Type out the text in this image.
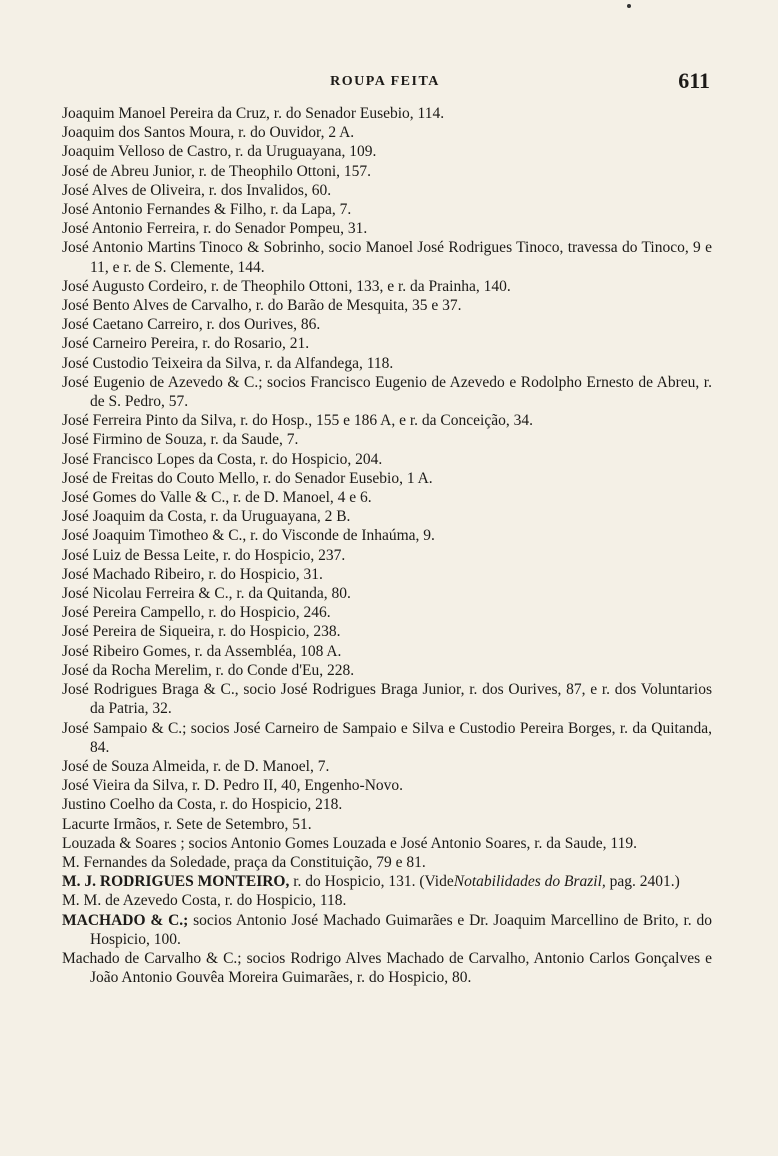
ROUPA FEITA	611
Joaquim Manoel Pereira da Cruz, r. do Senador Eusebio, 114.
Joaquim dos Santos Moura, r. do Ouvidor, 2 A.
Joaquim Velloso de Castro, r. da Uruguayana, 109.
José de Abreu Junior, r. de Theophilo Ottoni, 157.
José Alves de Oliveira, r. dos Invalidos, 60.
José Antonio Fernandes & Filho, r. da Lapa, 7.
José Antonio Ferreira, r. do Senador Pompeu, 31.
José Antonio Martins Tinoco & Sobrinho, socio Manoel José Rodrigues Tinoco, travessa do Tinoco, 9 e 11, e r. de S. Clemente, 144.
José Augusto Cordeiro, r. de Theophilo Ottoni, 133, e r. da Prainha, 140.
José Bento Alves de Carvalho, r. do Barão de Mesquita, 35 e 37.
José Caetano Carreiro, r. dos Ourives, 86.
José Carneiro Pereira, r. do Rosario, 21.
José Custodio Teixeira da Silva, r. da Alfandega, 118.
José Eugenio de Azevedo & C.; socios Francisco Eugenio de Azevedo e Rodolpho Ernesto de Abreu, r. de S. Pedro, 57.
José Ferreira Pinto da Silva, r. do Hosp., 155 e 186 A, e r. da Conceição, 34.
José Firmino de Souza, r. da Saude, 7.
José Francisco Lopes da Costa, r. do Hospicio, 204.
José de Freitas do Couto Mello, r. do Senador Eusebio, 1 A.
José Gomes do Valle & C., r. de D. Manoel, 4 e 6.
José Joaquim da Costa, r. da Uruguayana, 2 B.
José Joaquim Timotheo & C., r. do Visconde de Inhaúma, 9.
José Luiz de Bessa Leite, r. do Hospicio, 237.
José Machado Ribeiro, r. do Hospicio, 31.
José Nicolau Ferreira & C., r. da Quitanda, 80.
José Pereira Campello, r. do Hospicio, 246.
José Pereira de Siqueira, r. do Hospicio, 238.
José Ribeiro Gomes, r. da Assembléa, 108 A.
José da Rocha Merelim, r. do Conde d'Eu, 228.
José Rodrigues Braga & C., socio José Rodrigues Braga Junior, r. dos Ourives, 87, e r. dos Voluntarios da Patria, 32.
José Sampaio & C.; socios José Carneiro de Sampaio e Silva e Custodio Pereira Borges, r. da Quitanda, 84.
José de Souza Almeida, r. de D. Manoel, 7.
José Vieira da Silva, r. D. Pedro II, 40, Engenho-Novo.
Justino Coelho da Costa, r. do Hospicio, 218.
Lacurte Irmãos, r. Sete de Setembro, 51.
Louzada & Soares ; socios Antonio Gomes Louzada e José Antonio Soares, r. da Saude, 119.
M. Fernandes da Soledade, praça da Constituição, 79 e 81.
M. J. RODRIGUES MONTEIRO, r. do Hospicio, 131. (VideNotabilidades do Brazil, pag. 2401.)
M. M. de Azevedo Costa, r. do Hospicio, 118.
MACHADO & C.; socios Antonio José Machado Guimarães e Dr. Joaquim Marcellino de Brito, r. do Hospicio, 100.
Machado de Carvalho & C.; socios Rodrigo Alves Machado de Carvalho, Antonio Carlos Gonçalves e João Antonio Gouvêa Moreira Guimarães, r. do Hospicio, 80.
